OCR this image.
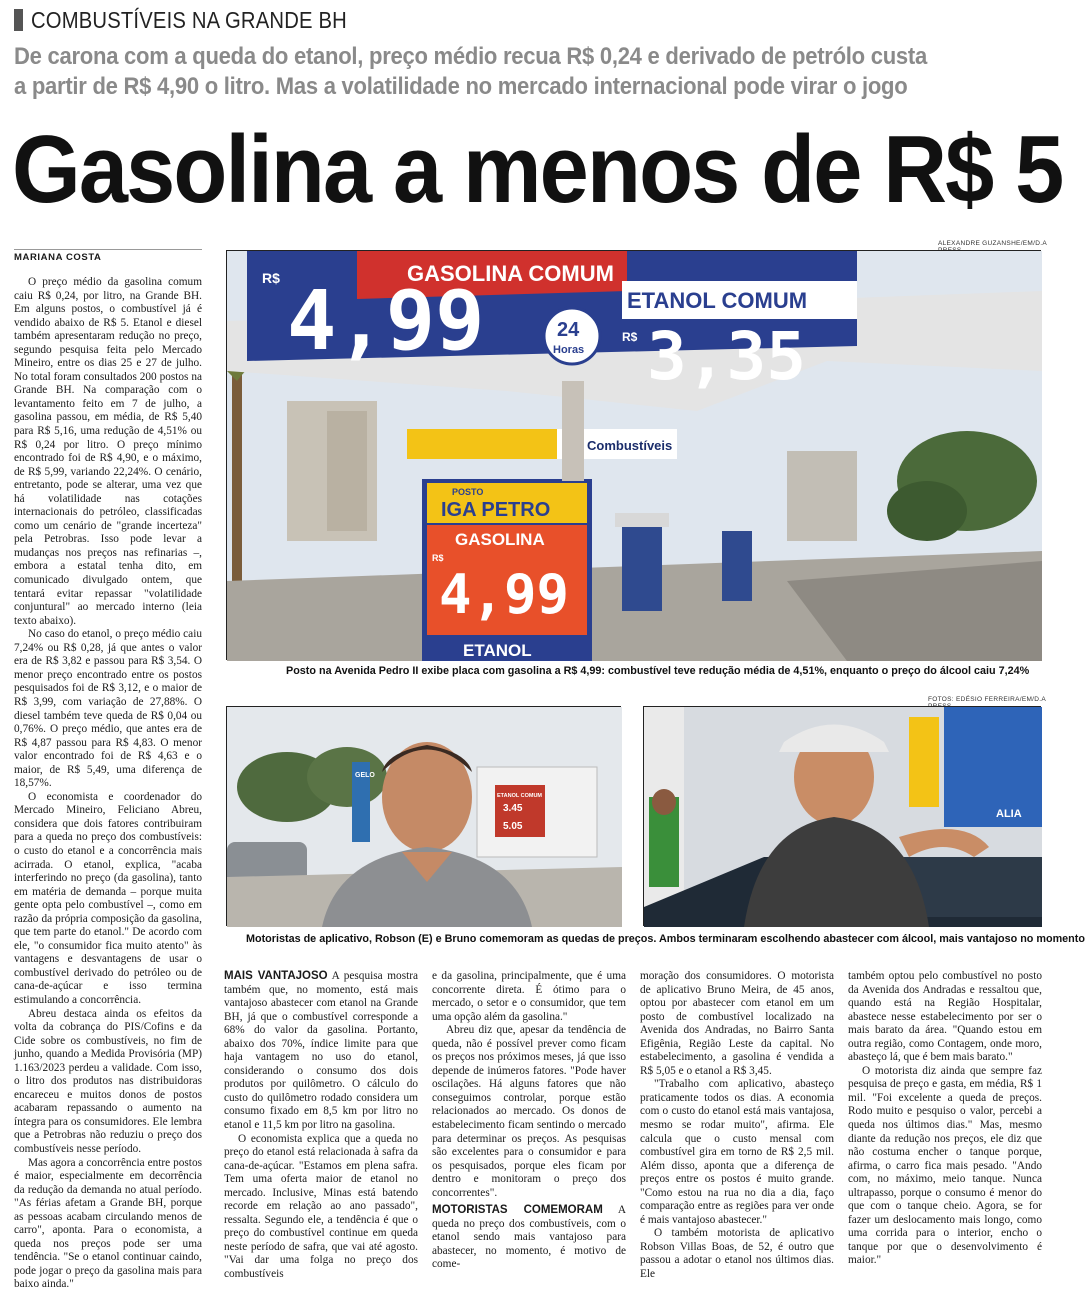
COMBUSTÍVEIS NA GRANDE BH
De carona com a queda do etanol, preço médio recua R$ 0,24 e derivado de petrólo custa
a partir de R$ 4,90 o litro. Mas a volatilidade no mercado internacional pode virar o jogo
Gasolina a menos de R$ 5
MARIANA COSTA
ALEXANDRE GUZANSHE/EM/D.A
Combustíveis
GASOLINA COMUM
R$ 4,99	ETANOL COMUM
R$ 3,35
24
Horas
POSTO
IGA PETRO
GASOLINA
R$
4,99
ETANOL
Posto na Avenida Pedro II exibe placa com gasolina a R$ 4,99: combustível teve redução média de 4,51%, enquanto o preço do álcool caiu 7,24%
FOTOS: EDÉSIO FERREIRA/EM/D.A
ETANOL COMUM
3.45
5.05
GELO
ALIA
Motoristas de aplicativo, Robson (E) e Bruno comemoram as quedas de preços. Ambos terminaram escolhendo abastecer com álcool, mais vantajoso no momento

O preço médio da gasolina comum caiu R$ 0,24, por litro, na Grande BH. Em alguns postos, o combustível já é vendido abaixo de R$ 5. Etanol e diesel também apresentaram redução no preço, segundo pesquisa feita pelo Mercado Mineiro, entre os dias 25 e 27 de julho. No total foram consultados 200 postos na Grande BH. Na comparação com o levantamento feito em 7 de julho, a gasolina passou, em média, de R$ 5,40 para R$ 5,16, uma redução de 4,51% ou R$ 0,24 por litro. O preço mínimo encontrado foi de R$ 4,90, e o máximo, de R$ 5,99, variando 22,24%. O cenário, entretanto, pode se alterar, uma vez que há volatilidade nas cotações internacionais do petróleo, classificadas como um cenário de "grande incerteza" pela Petrobras. Isso pode levar a mudanças nos preços nas refinarias –, embora a estatal tenha dito, em comunicado divulgado ontem, que tentará evitar repassar "volatilidade conjuntural" ao mercado interno (leia texto abaixo).

No caso do etanol, o preço médio caiu 7,24% ou R$ 0,28, já que antes o valor era de R$ 3,82 e passou para R$ 3,54. O menor preço encontrado entre os postos pesquisados foi de R$ 3,12, e o maior de R$ 3,99, com variação de 27,88%. O diesel também teve queda de R$ 0,04 ou 0,76%. O preço médio, que antes era de R$ 4,87 passou para R$ 4,83. O menor valor encontrado foi de R$ 4,63 e o maior, de R$ 5,49, uma diferença de 18,57%.

O economista e coordenador do Mercado Mineiro, Feliciano Abreu, considera que dois fatores contribuiram para a queda no preço dos combustíveis: o custo do etanol e a concorrência mais acirrada. O etanol, explica, "acaba interferindo no preço (da gasolina), tanto em matéria de demanda – porque muita gente opta pelo combustível –, como em razão da própria composição da gasolina, que tem parte do etanol." De acordo com ele, "o consumidor fica muito atento" às vantagens e desvantagens de usar o combustível derivado do petróleo ou de cana-de-açúcar e isso termina estimulando a concorrência.

Abreu destaca ainda os efeitos da volta da cobrança do PIS/Cofins e da Cide sobre os combustíveis, no fim de junho, quando a Medida Provisória (MP) 1.163/2023 perdeu a validade. Com isso, o litro dos produtos nas distribuidoras encareceu e muitos donos de postos acabaram repassando o aumento na íntegra para os consumidores. Ele lembra que a Petrobras não reduziu o preço dos combustíveis nesse período.

Mas agora a concorrência entre postos é maior, especialmente em decorrência da redução da demanda no atual período. "As férias afetam a Grande BH, porque as pessoas acabam circulando menos de carro", aponta. Para o economista, a queda nos preços pode ser uma tendência. "Se o etanol continuar caindo, pode jogar o preço da gasolina mais para baixo ainda."

MAIS VANTAJOSO A pesquisa mostra também que, no momento, está mais vantajoso abastecer com etanol na Grande BH, já que o combustível corresponde a 68% do valor da gasolina. Portanto, abaixo dos 70%, índice limite para que haja vantagem no uso do etanol, considerando o consumo dos dois produtos por quilômetro. O cálculo do custo do quilômetro rodado considera um consumo fixado em 8,5 km por litro no etanol e 11,5 km por litro na gasolina.

O economista explica que a queda no preço do etanol está relacionada à safra da cana-de-açúcar. "Estamos em plena safra. Tem uma oferta maior de etanol no mercado. Inclusive, Minas está batendo recorde em relação ao ano passado", ressalta. Segundo ele, a tendência é que o preço do combustível continue em queda neste período de safra, que vai até agosto. "Vai dar uma folga no preço dos combustíveis

e da gasolina, principalmente, que é uma concorrente direta. É ótimo para o mercado, o setor e o consumidor, que tem uma opção além da gasolina."

Abreu diz que, apesar da tendência de queda, não é possível prever como ficam os preços nos próximos meses, já que isso depende de inúmeros fatores. "Pode haver oscilações. Há alguns fatores que não conseguimos controlar, porque estão relacionados ao mercado. Os donos de estabelecimento ficam sentindo o mercado para determinar os preços. As pesquisas são excelentes para o consumidor e para os pesquisados, porque eles ficam por dentro e monitoram o preço dos concorrentes".

MOTORISTAS COMEMORAM A queda no preço dos combustíveis, com o etanol sendo mais vantajoso para abastecer, no momento, é motivo de come-

moração dos consumidores. O motorista de aplicativo Bruno Meira, de 45 anos, optou por abastecer com etanol em um posto de combustível localizado na Avenida dos Andradas, no Bairro Santa Efigênia, Região Leste da capital. No estabelecimento, a gasolina é vendida a R$ 5,05 e o etanol a R$ 3,45.

"Trabalho com aplicativo, abasteço praticamente todos os dias. A economia com o custo do etanol está mais vantajosa, mesmo se rodar muito", afirma. Ele calcula que o custo mensal com combustível gira em torno de R$ 2,5 mil. Além disso, aponta que a diferença de preços entre os postos é muito grande. "Como estou na rua no dia a dia, faço comparação entre as regiões para ver onde é mais vantajoso abastecer."

O também motorista de aplicativo Robson Villas Boas, de 52, é outro que passou a adotar o etanol nos últimos dias. Ele

também optou pelo combustível no posto da Avenida dos Andradas e ressaltou que, quando está na Região Hospitalar, abastece nesse estabelecimento por ser o mais barato da área. "Quando estou em outra região, como Contagem, onde moro, abasteço lá, que é bem mais barato."

O motorista diz ainda que sempre faz pesquisa de preço e gasta, em média, R$ 1 mil. "Foi excelente a queda de preços. Rodo muito e pesquiso o valor, percebi a queda nos últimos dias." Mas, mesmo diante da redução nos preços, ele diz que não costuma encher o tanque porque, afirma, o carro fica mais pesado. "Ando com, no máximo, meio tanque. Nunca ultrapasso, porque o consumo é menor do que com o tanque cheio. Agora, se for fazer um deslocamento mais longo, como uma corrida para o interior, encho o tanque por que o desenvolvimento é maior."
